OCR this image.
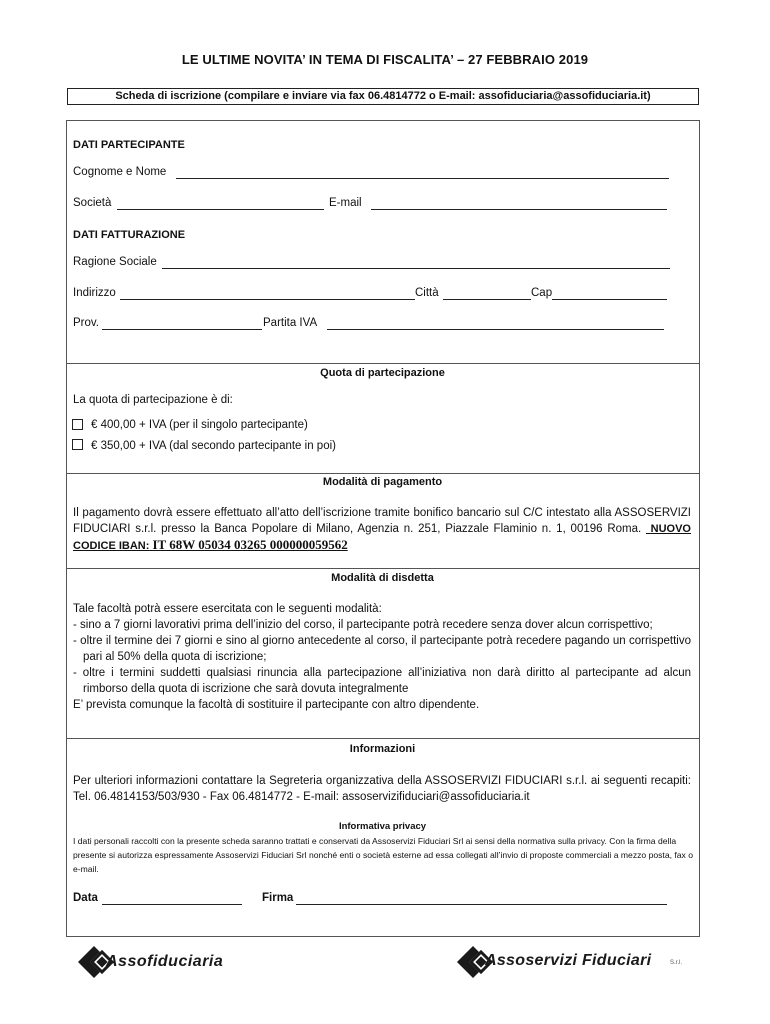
LE ULTIME NOVITA’ IN TEMA DI FISCALITA’ – 27 FEBBRAIO 2019
Scheda di iscrizione (compilare e inviare via fax 06.4814772 o E-mail: assofiduciaria@assofiduciaria.it)
DATI PARTECIPANTE
Cognome e Nome
Società	E-mail
DATI FATTURAZIONE
Ragione Sociale
Indirizzo	Città	Cap
Prov.	Partita IVA
Quota di partecipazione
La quota di partecipazione è di:
€ 400,00 + IVA (per il singolo partecipante)
€ 350,00 + IVA (dal secondo partecipante in poi)
Modalità di pagamento
Il pagamento dovrà essere effettuato all’atto dell’iscrizione tramite bonifico bancario sul C/C intestato alla ASSOSERVIZI FIDUCIARI s.r.l. presso la Banca Popolare di Milano, Agenzia n. 251, Piazzale Flaminio n. 1, 00196 Roma. NUOVO CODICE IBAN: IT 68W 05034 03265 000000059562
Modalità di disdetta

Tale facoltà potrà essere esercitata con le seguenti modalità:

- sino a 7 giorni lavorativi prima dell’inizio del corso, il partecipante potrà recedere senza dover alcun corrispettivo;

- oltre il termine dei 7 giorni e sino al giorno antecedente al corso, il partecipante potrà recedere pagando un corrispettivo pari al 50% della quota di iscrizione;

- oltre i termini suddetti qualsiasi rinuncia alla partecipazione all’iniziativa non darà diritto al partecipante ad alcun rimborso della quota di iscrizione che sarà dovuta integralmente

E’ prevista comunque la facoltà di sostituire il partecipante con altro dipendente.

Informazioni
Per ulteriori informazioni contattare la Segreteria organizzativa della ASSOSERVIZI FIDUCIARI s.r.l. ai seguenti recapiti: Tel. 06.4814153/503/930 - Fax 06.4814772 - E-mail: assoservizifiduciari@assofiduciaria.it
Informativa privacy
I dati personali raccolti con la presente scheda saranno trattati e conservati da Assoservizi Fiduciari Srl ai sensi della normativa sulla privacy. Con la firma della presente si autorizza espressamente Assoservizi Fiduciari Srl nonché enti o società esterne ad essa collegati all’invio di proposte commerciali a mezzo posta, fax o e-mail.
Data	Firma
Assofiduciaria	Assoservizi Fiduciari	S.r.l.
